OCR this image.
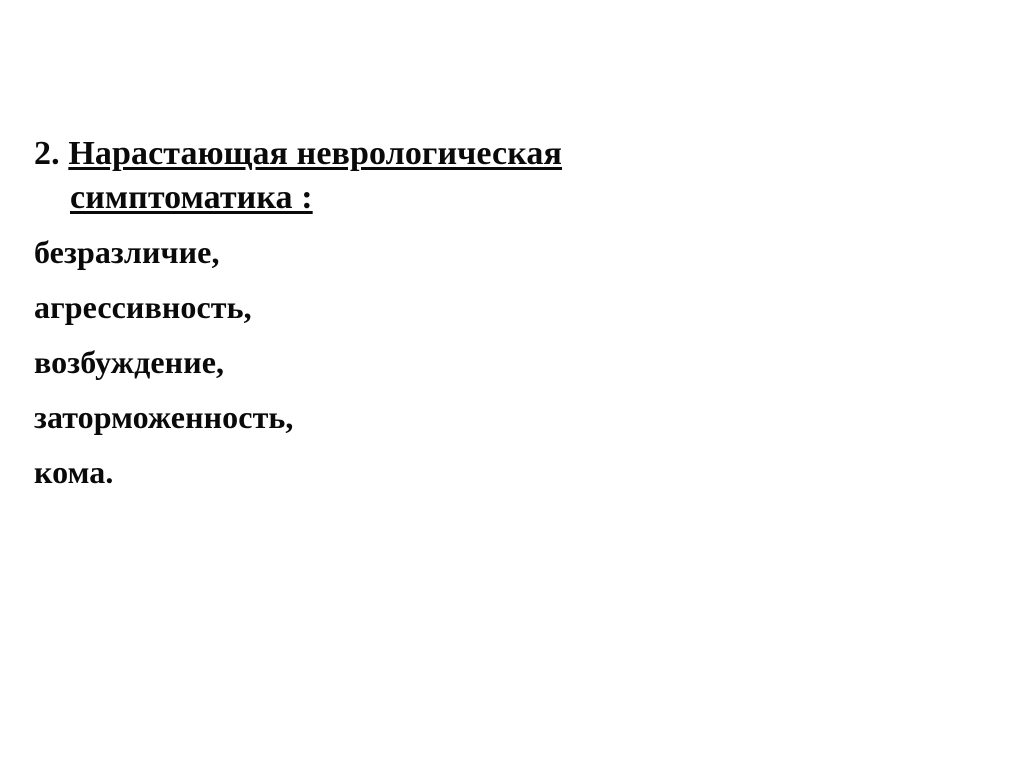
2. Нарастающая неврологическая
симптоматика :

безразличие,
агрессивность,
возбуждение,
заторможенность,
кома.
